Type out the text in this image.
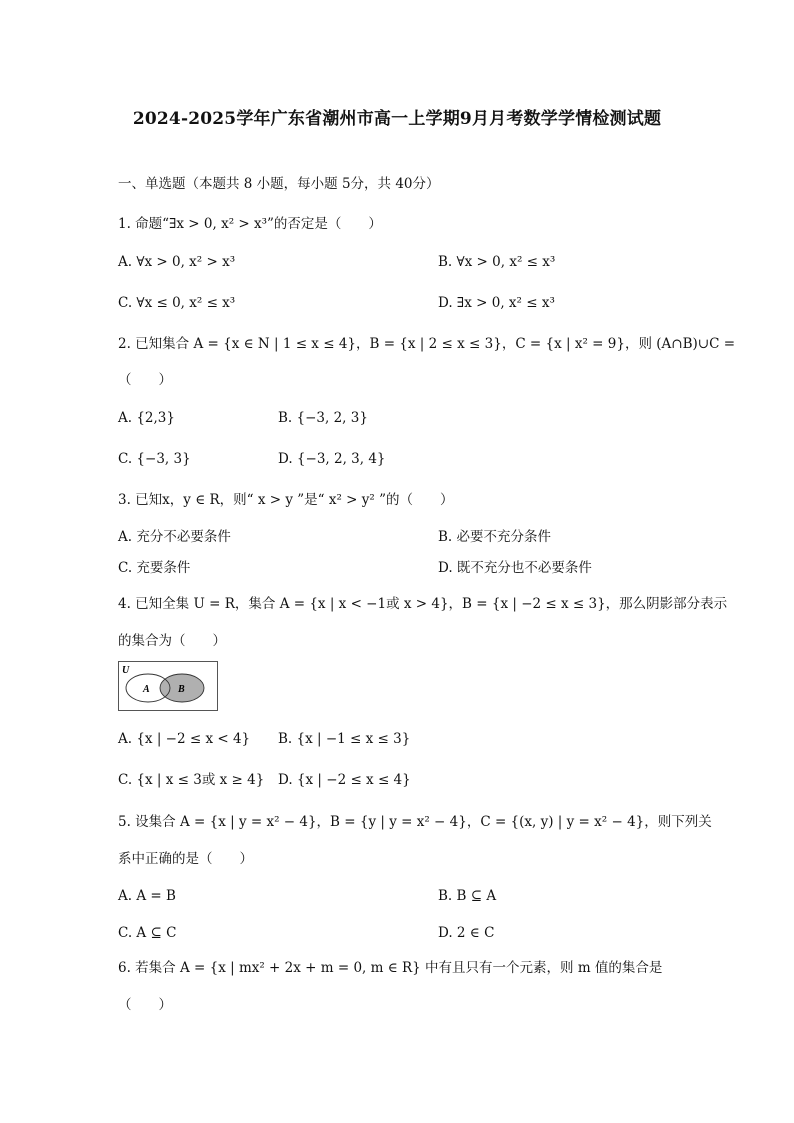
2024-2025学年广东省潮州市高一上学期9月月考数学学情检测试题
一、单选题（本题共 8 小题，每小题 5分，共 40分）
1. 命题“∃x > 0, x² > x³”的否定是（　　）
A. ∀x > 0, x² > x³	B. ∀x > 0, x² ≤ x³
C. ∀x ≤ 0, x² ≤ x³	D. ∃x > 0, x² ≤ x³
2. 已知集合 A = {x ∈ N | 1 ≤ x ≤ 4}，B = {x | 2 ≤ x ≤ 3}，C = {x | x² = 9}，则 (A∩B)∪C =
（　　）
A. {2,3}	B. {−3, 2, 3}
C. {−3, 3}	D. {−3, 2, 3, 4}
3. 已知x，y ∈ R，则“ x > y ”是“ x² > y² ”的（　　）
A. 充分不必要条件	B. 必要不充分条件
C. 充要条件	D. 既不充分也不必要条件
4. 已知全集 U = R，集合 A = {x | x < −1或 x > 4}，B = {x | −2 ≤ x ≤ 3}，那么阴影部分表示
的集合为（　　）
U
A	B
A. {x | −2 ≤ x < 4} B. {x | −1 ≤ x ≤ 3}
C. {x | x ≤ 3或 x ≥ 4} D. {x | −2 ≤ x ≤ 4}
5. 设集合 A = {x | y = x² − 4}，B = {y | y = x² − 4}，C = {(x, y) | y = x² − 4}，则下列关
系中正确的是（　　）
A. A = B	B. B ⊆ A
C. A ⊆ C	D. 2 ∈ C
6. 若集合 A = {x | mx² + 2x + m = 0, m ∈ R} 中有且只有一个元素，则 m 值的集合是
（　　）
